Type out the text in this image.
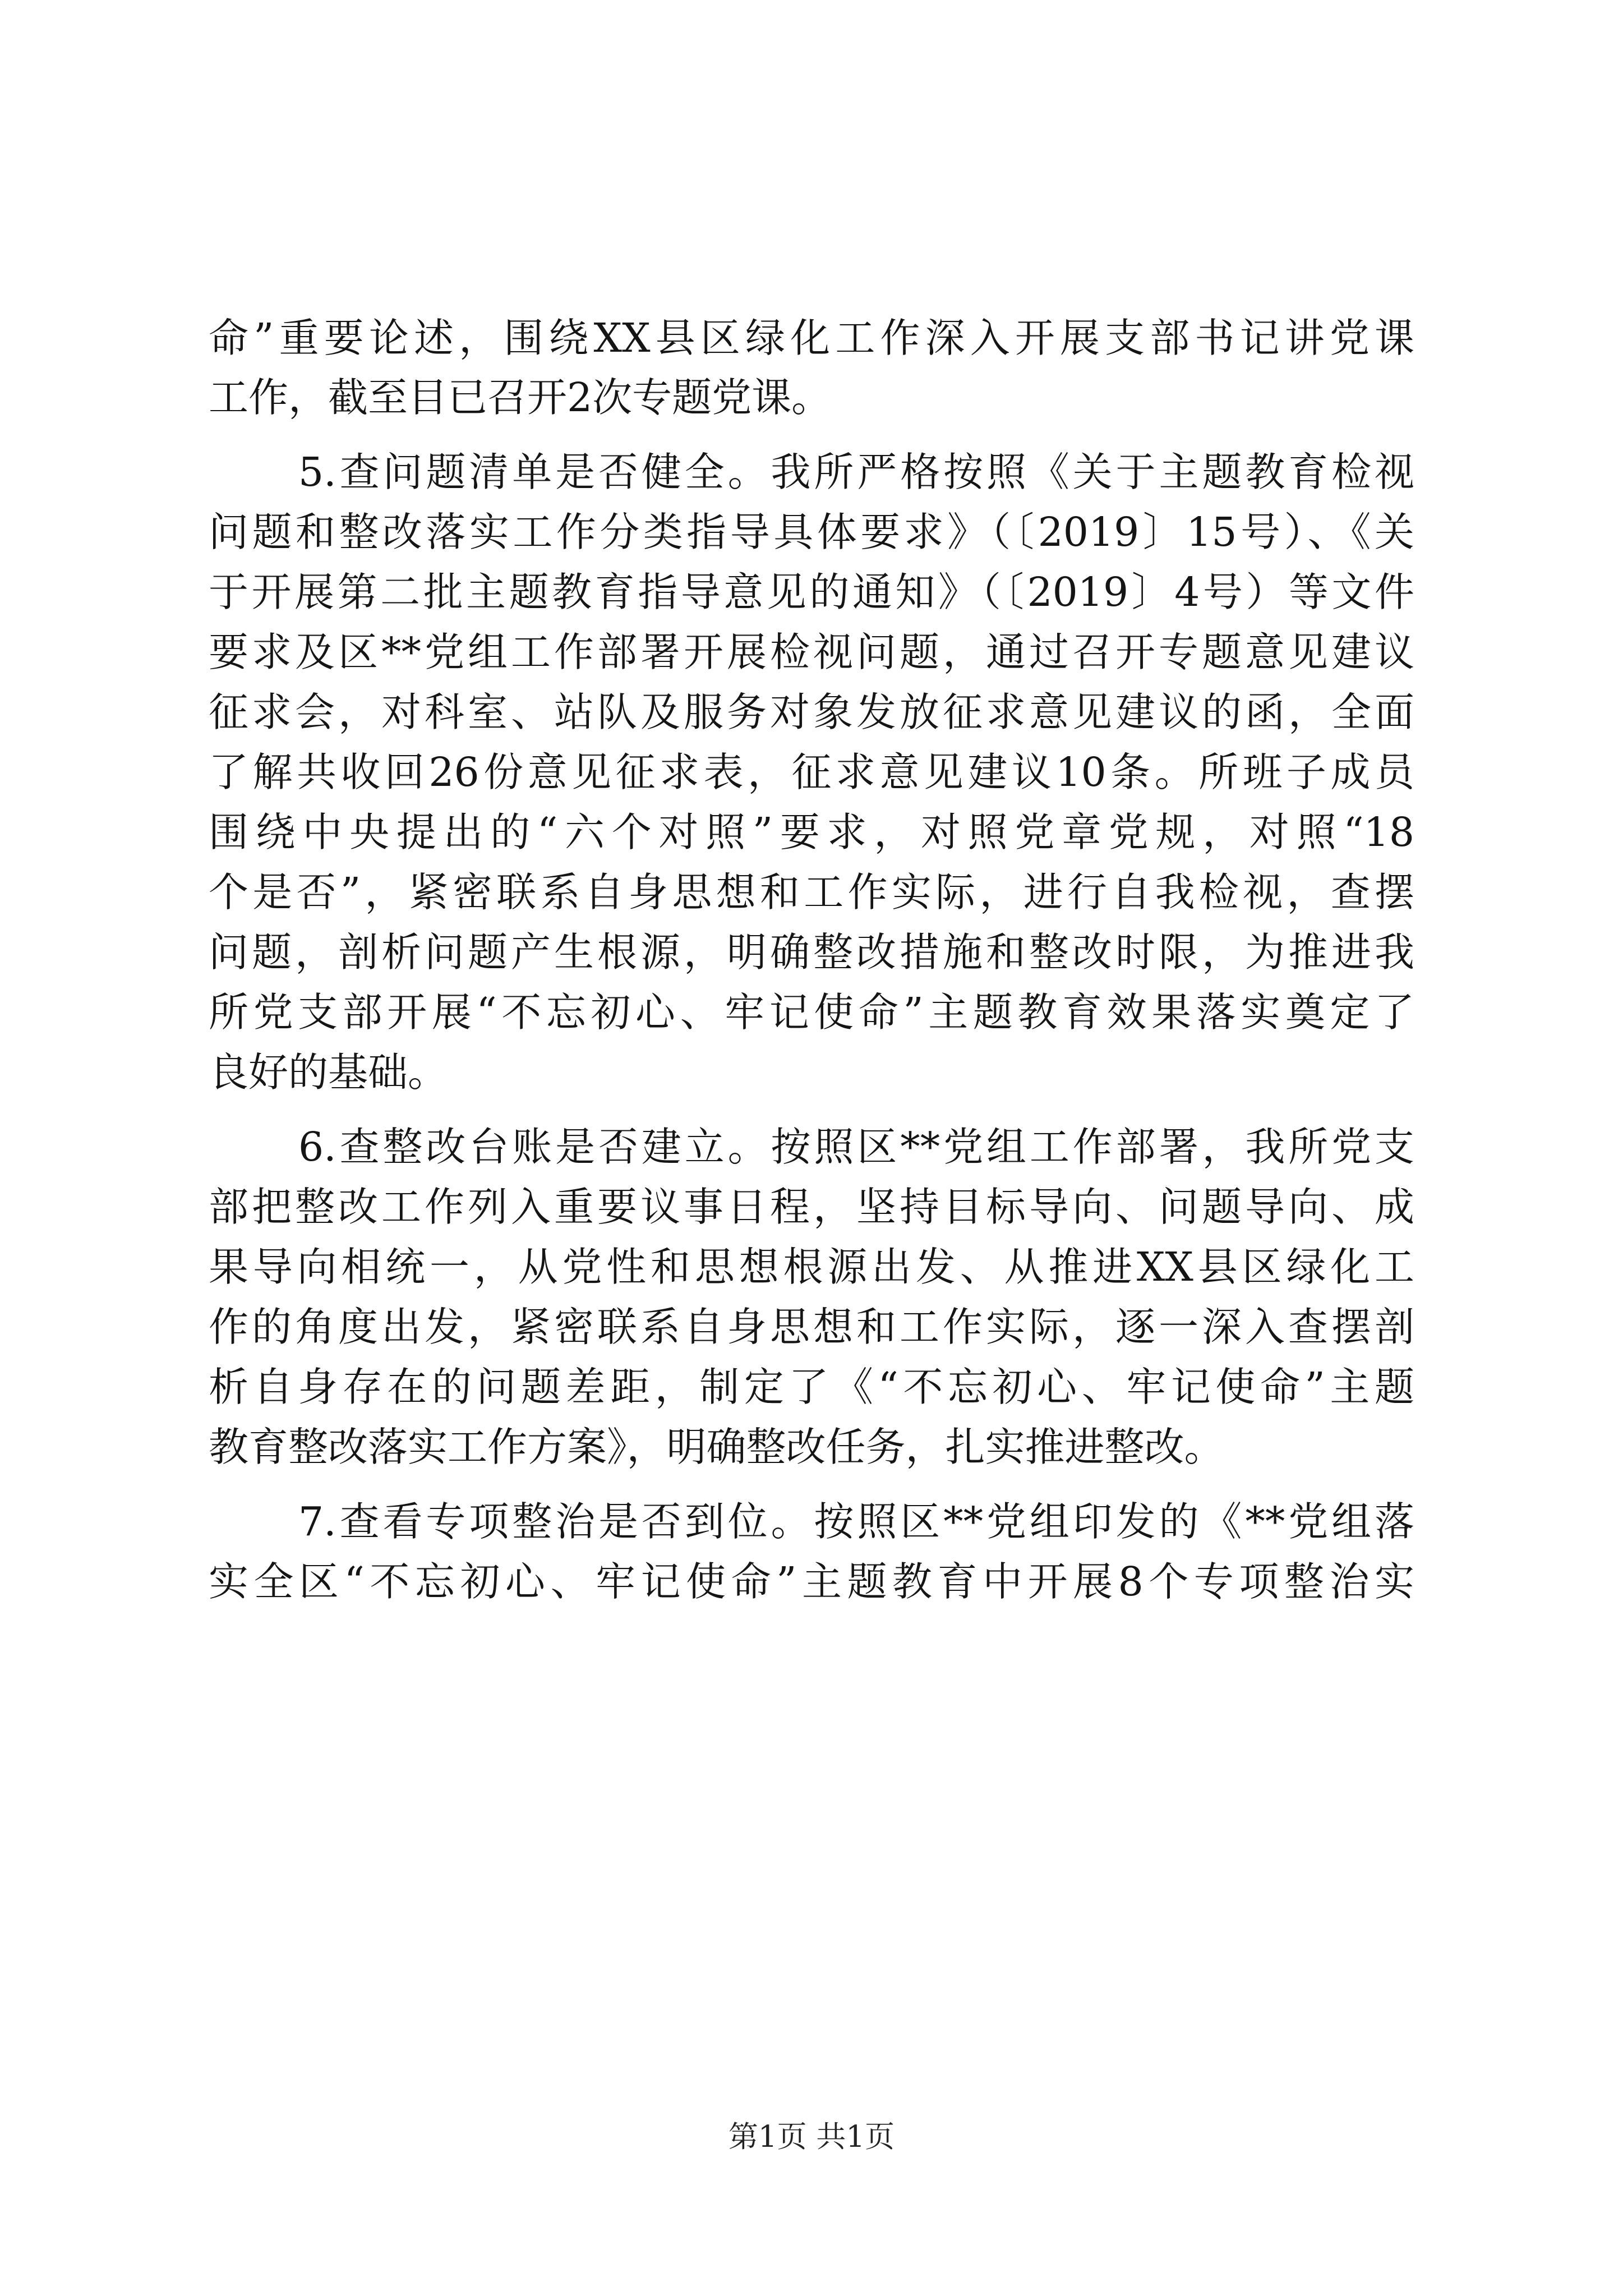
命”重要论述，围绕XX县区绿化工作深入开展支部书记讲党课
工作，截至目已召开2次专题党课。
5.查问题清单是否健全。我所严格按照《关于主题教育检视
问题和整改落实工作分类指导具体要求》（〔2019〕15号）、《关
于开展第二批主题教育指导意见的通知》（〔2019〕4号）等文件
要求及区**党组工作部署开展检视问题，通过召开专题意见建议
征求会，对科室、站队及服务对象发放征求意见建议的函，全面
了解共收回26份意见征求表，征求意见建议10条。所班子成员
围绕中央提出的“六个对照”要求，对照党章党规，对照“18
个是否”，紧密联系自身思想和工作实际，进行自我检视，查摆
问题，剖析问题产生根源，明确整改措施和整改时限，为推进我
所党支部开展“不忘初心、牢记使命”主题教育效果落实奠定了
良好的基础。
6.查整改台账是否建立。按照区**党组工作部署，我所党支
部把整改工作列入重要议事日程，坚持目标导向、问题导向、成
果导向相统一，从党性和思想根源出发、从推进XX县区绿化工
作的角度出发，紧密联系自身思想和工作实际，逐一深入查摆剖
析自身存在的问题差距，制定了《“不忘初心、牢记使命”主题
教育整改落实工作方案》，明确整改任务，扎实推进整改。
7.查看专项整治是否到位。按照区**党组印发的《**党组落
实全区“不忘初心、牢记使命”主题教育中开展8个专项整治实
第1页 共1页
